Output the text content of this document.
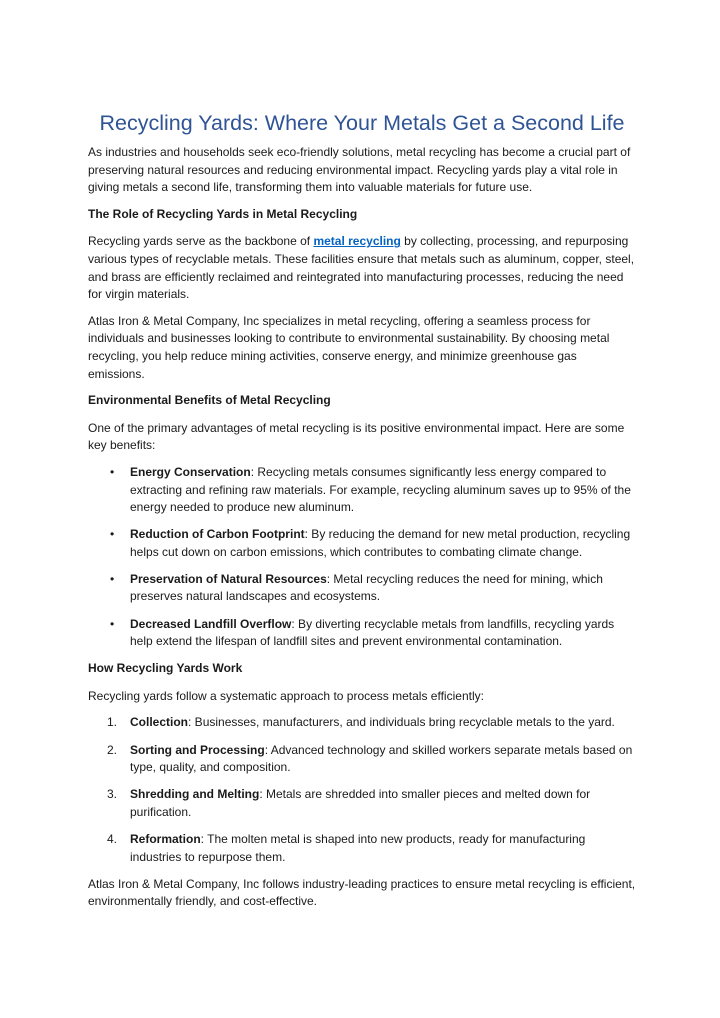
Recycling Yards: Where Your Metals Get a Second Life

As industries and households seek eco-friendly solutions, metal recycling has become a crucial part of preserving natural resources and reducing environmental impact. Recycling yards play a vital role in giving metals a second life, transforming them into valuable materials for future use.

The Role of Recycling Yards in Metal Recycling

Recycling yards serve as the backbone of metal recycling by collecting, processing, and repurposing various types of recyclable metals. These facilities ensure that metals such as aluminum, copper, steel, and brass are efficiently reclaimed and reintegrated into manufacturing processes, reducing the need for virgin materials.

Atlas Iron & Metal Company, Inc specializes in metal recycling, offering a seamless process for individuals and businesses looking to contribute to environmental sustainability. By choosing metal recycling, you help reduce mining activities, conserve energy, and minimize greenhouse gas emissions.

Environmental Benefits of Metal Recycling

One of the primary advantages of metal recycling is its positive environmental impact. Here are some key benefits:

• Energy Conservation: Recycling metals consumes significantly less energy compared to extracting and refining raw materials. For example, recycling aluminum saves up to 95% of the energy needed to produce new aluminum.
• Reduction of Carbon Footprint: By reducing the demand for new metal production, recycling helps cut down on carbon emissions, which contributes to combating climate change.
• Preservation of Natural Resources: Metal recycling reduces the need for mining, which preserves natural landscapes and ecosystems.
• Decreased Landfill Overflow: By diverting recyclable metals from landfills, recycling yards help extend the lifespan of landfill sites and prevent environmental contamination.
How Recycling Yards Work

Recycling yards follow a systematic approach to process metals efficiently:

1. Collection: Businesses, manufacturers, and individuals bring recyclable metals to the yard.
2. Sorting and Processing: Advanced technology and skilled workers separate metals based on type, quality, and composition.
3. Shredding and Melting: Metals are shredded into smaller pieces and melted down for purification.
4. Reformation: The molten metal is shaped into new products, ready for manufacturing industries to repurpose them.

Atlas Iron & Metal Company, Inc follows industry-leading practices to ensure metal recycling is efficient, environmentally friendly, and cost-effective.
